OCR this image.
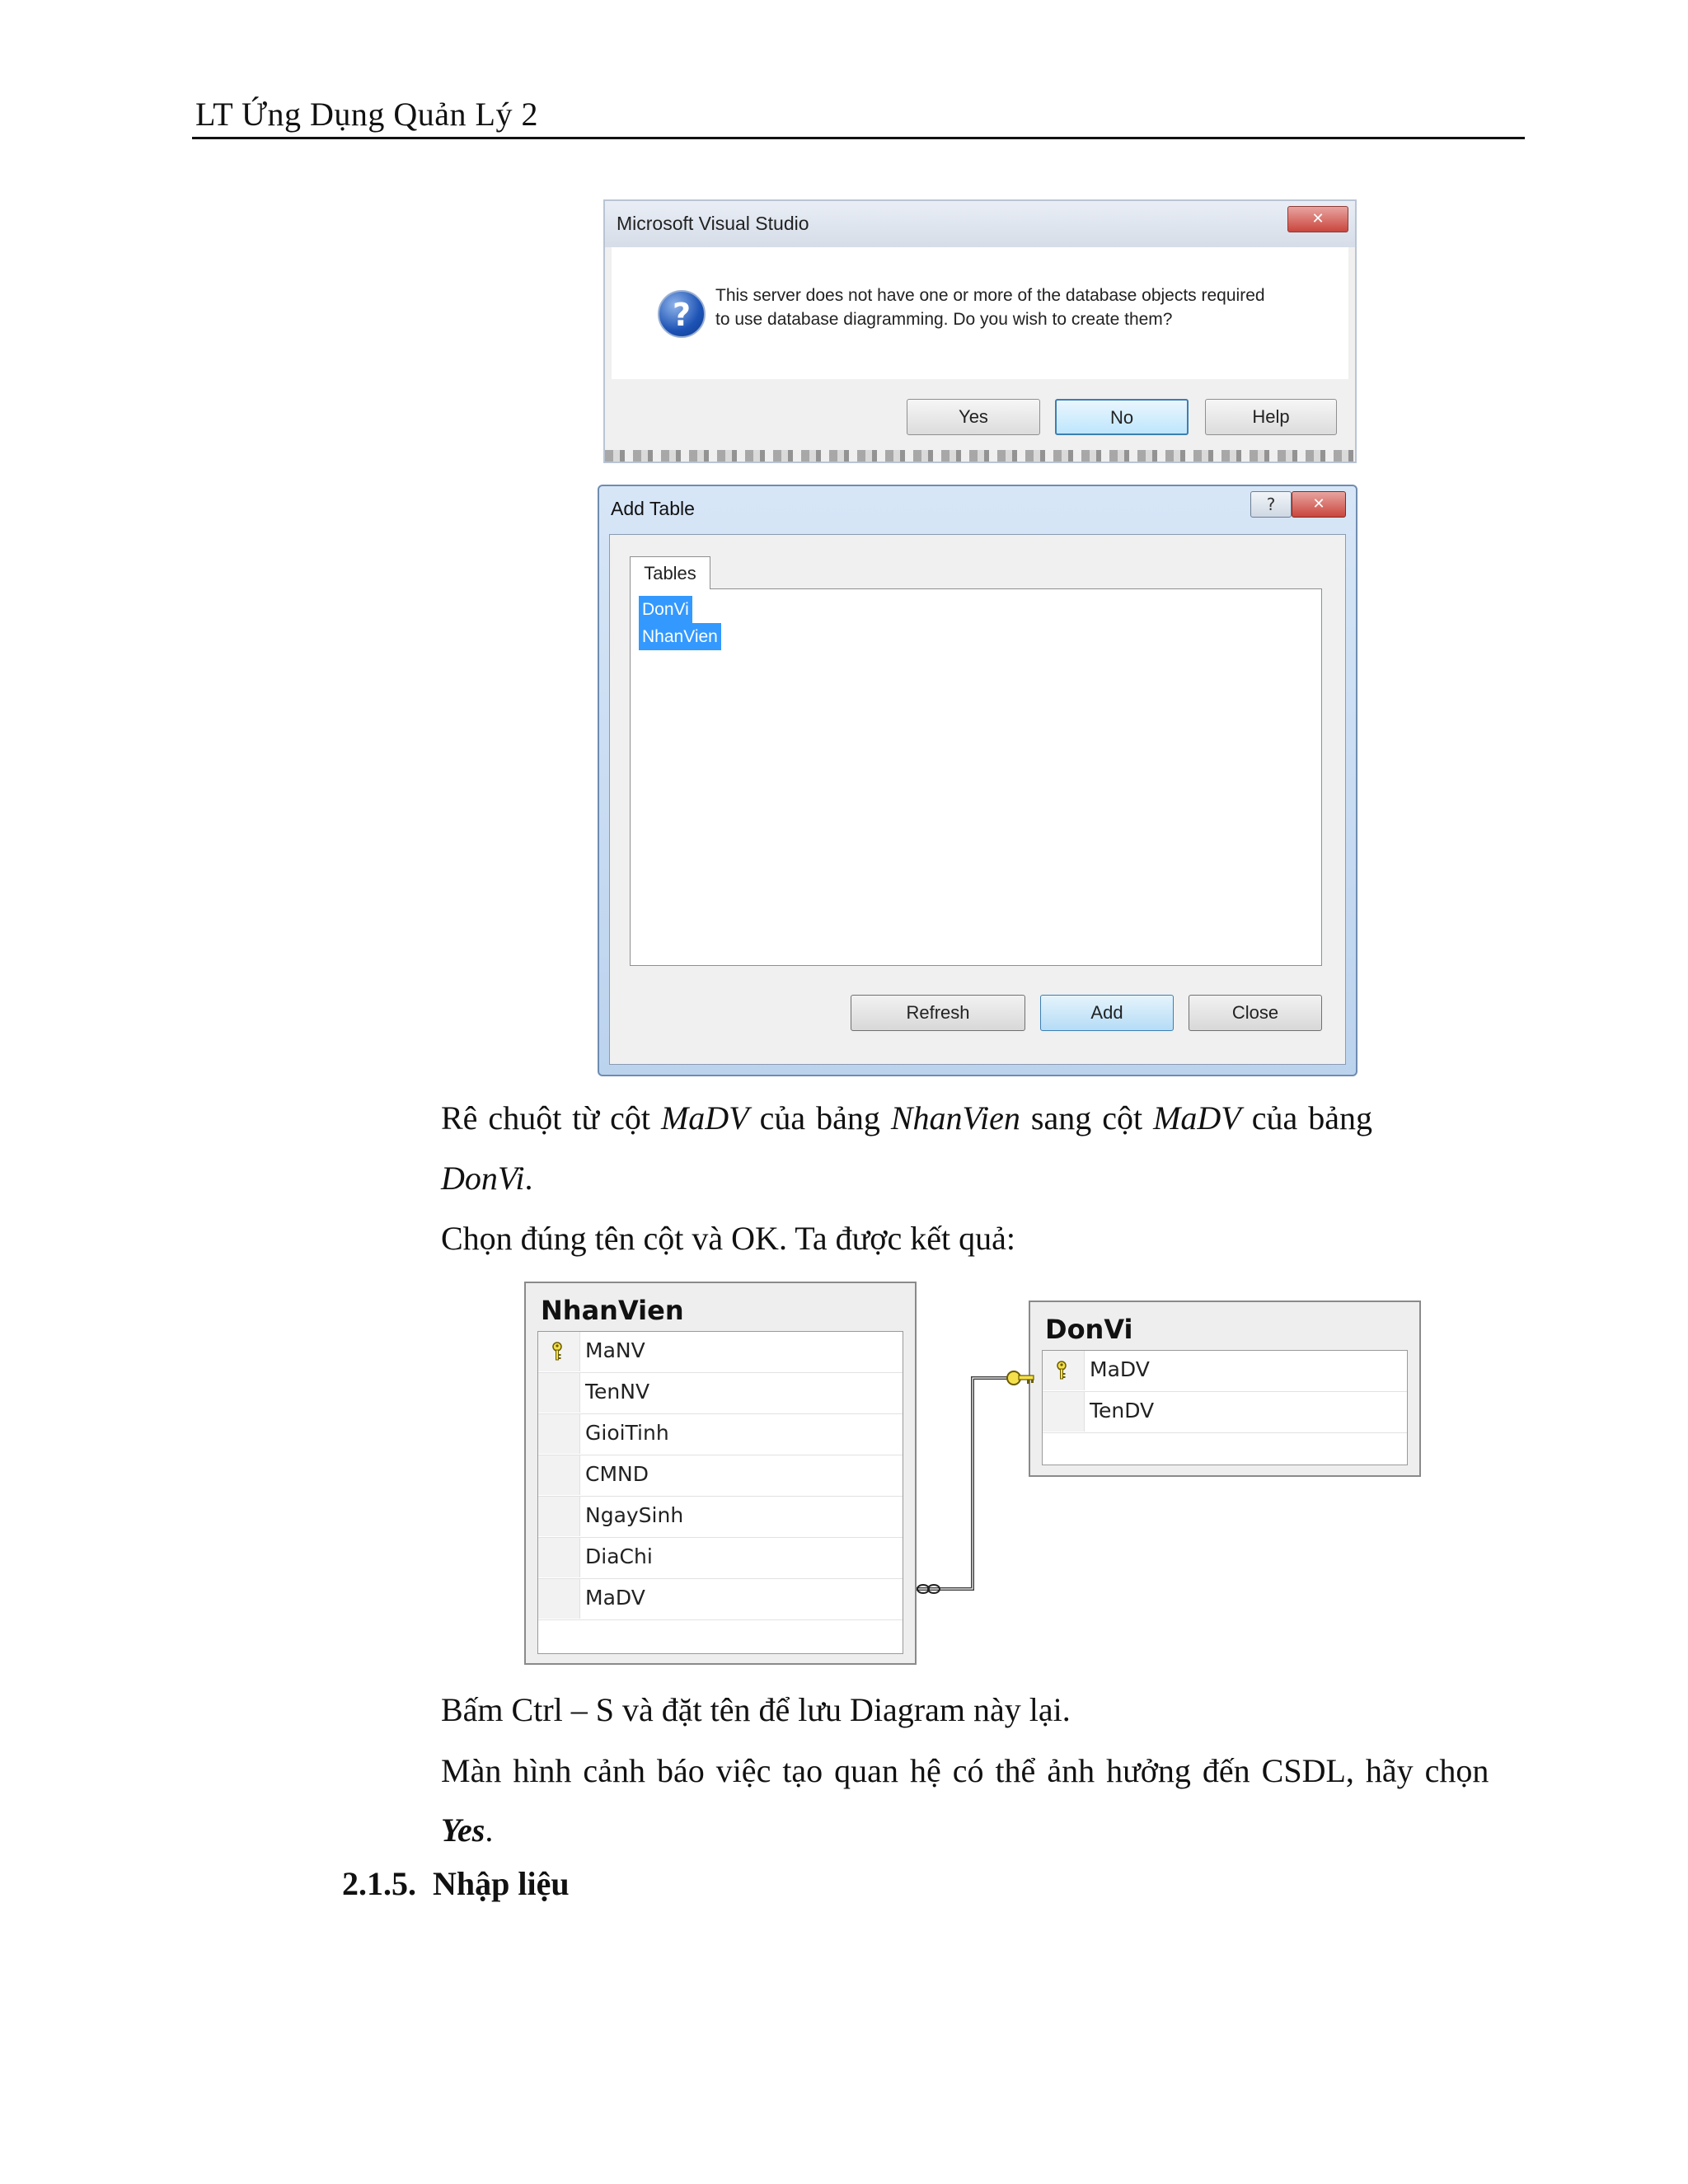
LT Ứng Dụng Quản Lý 2
Microsoft Visual Studio	✕
?
This server does not have one or more of the database objects required
to use database diagramming. Do you wish to create them?
Yes	No	Help
Add Table	?	✕
Tables
DonVi
NhanVien
Refresh	Add	Close
Rê chuột từ cột MaDV của bảng NhanVien sang cột MaDV của bảng
DonVi.
Chọn đúng tên cột và OK. Ta được kết quả:
NhanVien
MaNV
TenNV
GioiTinh
CMND
NgaySinh
DiaChi
MaDV
DonVi
MaDV
TenDV
Bấm Ctrl – S và đặt tên để lưu Diagram này lại.
Màn hình cảnh báo việc tạo quan hệ có thể ảnh hưởng đến CSDL, hãy chọn
Yes.
2.1.5. Nhập liệu
